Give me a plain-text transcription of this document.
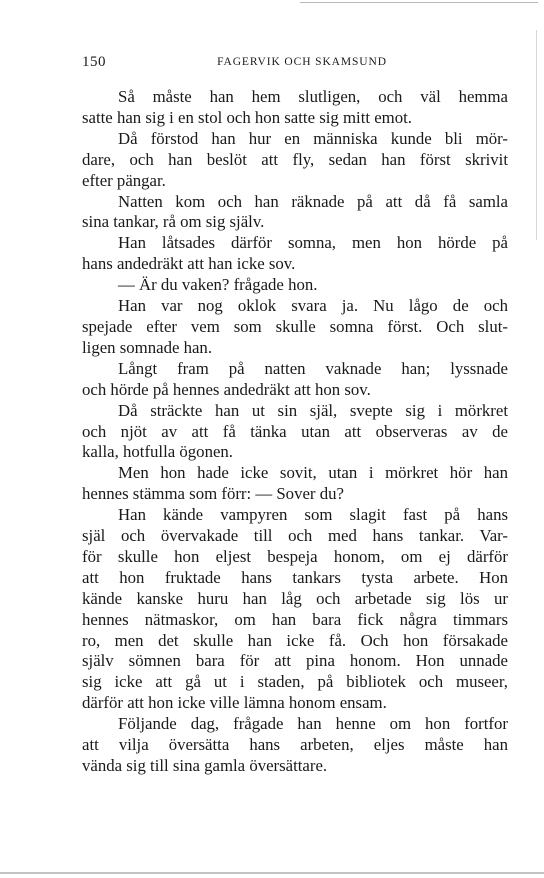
150	FAGERVIK OCH SKAMSUND

Så måste han hem slutligen, och väl hemma

satte han sig i en stol och hon satte sig mitt emot.

Då förstod han hur en människa kunde bli mör-

dare, och han beslöt att fly, sedan han först skrivit

efter pängar.

Natten kom och han räknade på att då få samla

sina tankar, rå om sig själv.

Han låtsades därför somna, men hon hörde på

hans andedräkt att han icke sov.

— Är du vaken? frågade hon.

Han var nog oklok svara ja. Nu lågo de och

spejade efter vem som skulle somna först. Och slut-

ligen somnade han.

Långt fram på natten vaknade han; lyssnade

och hörde på hennes andedräkt att hon sov.

Då sträckte han ut sin själ, svepte sig i mörkret

och njöt av att få tänka utan att observeras av de

kalla, hotfulla ögonen.

Men hon hade icke sovit, utan i mörkret hör han

hennes stämma som förr: — Sover du?

Han kände vampyren som slagit fast på hans

själ och övervakade till och med hans tankar. Var-

för skulle hon eljest bespeja honom, om ej därför

att hon fruktade hans tankars tysta arbete. Hon

kände kanske huru han låg och arbetade sig lös ur

hennes nätmaskor, om han bara fick några timmars

ro, men det skulle han icke få. Och hon försakade

själv sömnen bara för att pina honom. Hon unnade

sig icke att gå ut i staden, på bibliotek och museer,

därför att hon icke ville lämna honom ensam.

Följande dag, frågade han henne om hon fortfor

att vilja översätta hans arbeten, eljes måste han

vända sig till sina gamla översättare.
